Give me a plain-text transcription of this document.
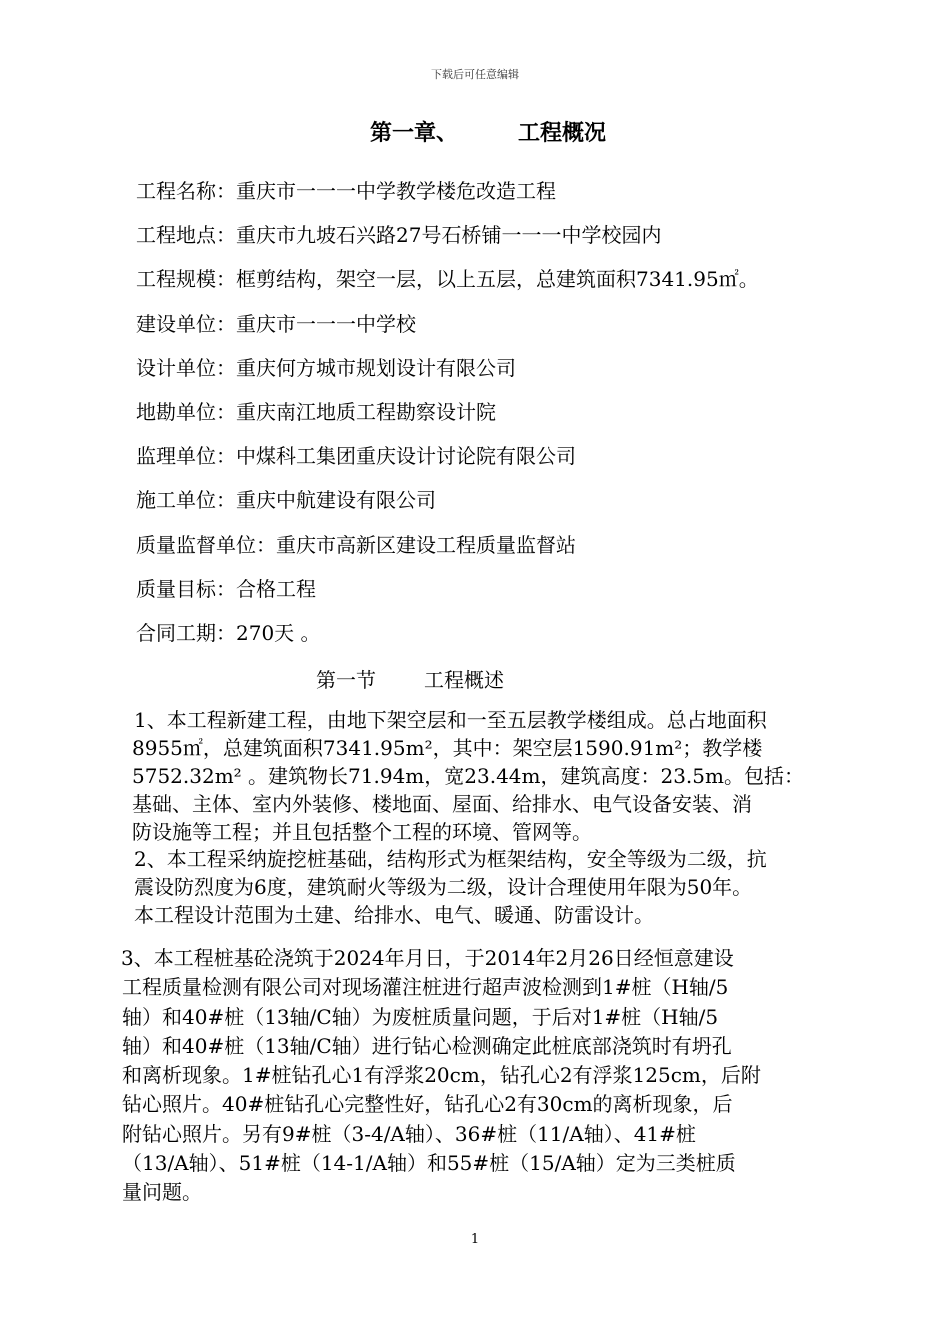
下载后可任意编辑
第一章、	工程概况
工程名称：重庆市一一一中学教学楼危改造工程
工程地点：重庆市九坡石兴路27号石桥铺一一一中学校园内
工程规模：框剪结构，架空一层，以上五层，总建筑面积7341.95㎡。
建设单位：重庆市一一一中学校
设计单位：重庆何方城市规划设计有限公司
地勘单位：重庆南江地质工程勘察设计院
监理单位：中煤科工集团重庆设计讨论院有限公司
施工单位：重庆中航建设有限公司
质量监督单位：重庆市高新区建设工程质量监督站
质量目标：合格工程
合同工期：270天 。
第一节 工程概述
1、本工程新建工程，由地下架空层和一至五层教学楼组成。总占地面积
8955㎡，总建筑面积7341.95m²，其中：架空层1590.91m²；教学楼
5752.32m² 。建筑物长71.94m，宽23.44m，建筑高度：23.5m。包括：
基础、主体、室内外装修、楼地面、屋面、给排水、电气设备安装、消
防设施等工程；并且包括整个工程的环境、管网等。
2、本工程采纳旋挖桩基础，结构形式为框架结构，安全等级为二级，抗
震设防烈度为6度，建筑耐火等级为二级，设计合理使用年限为50年。
本工程设计范围为土建、给排水、电气、暖通、防雷设计。
3、本工程桩基砼浇筑于2024年月日，于2014年2月26日经恒意建设
工程质量检测有限公司对现场灌注桩进行超声波检测到1#桩（H轴/5
轴）和40#桩（13轴/C轴）为废桩质量问题，于后对1#桩（H轴/5
轴）和40#桩（13轴/C轴）进行钻心检测确定此桩底部浇筑时有坍孔
和离析现象。1#桩钻孔心1有浮浆20cm，钻孔心2有浮浆125cm，后附
钻心照片。40#桩钻孔心完整性好，钻孔心2有30cm的离析现象，后
附钻心照片。另有9#桩（3-4/A轴）、36#桩（11/A轴）、41#桩
（13/A轴）、51#桩（14-1/A轴）和55#桩（15/A轴）定为三类桩质
量问题。
1
